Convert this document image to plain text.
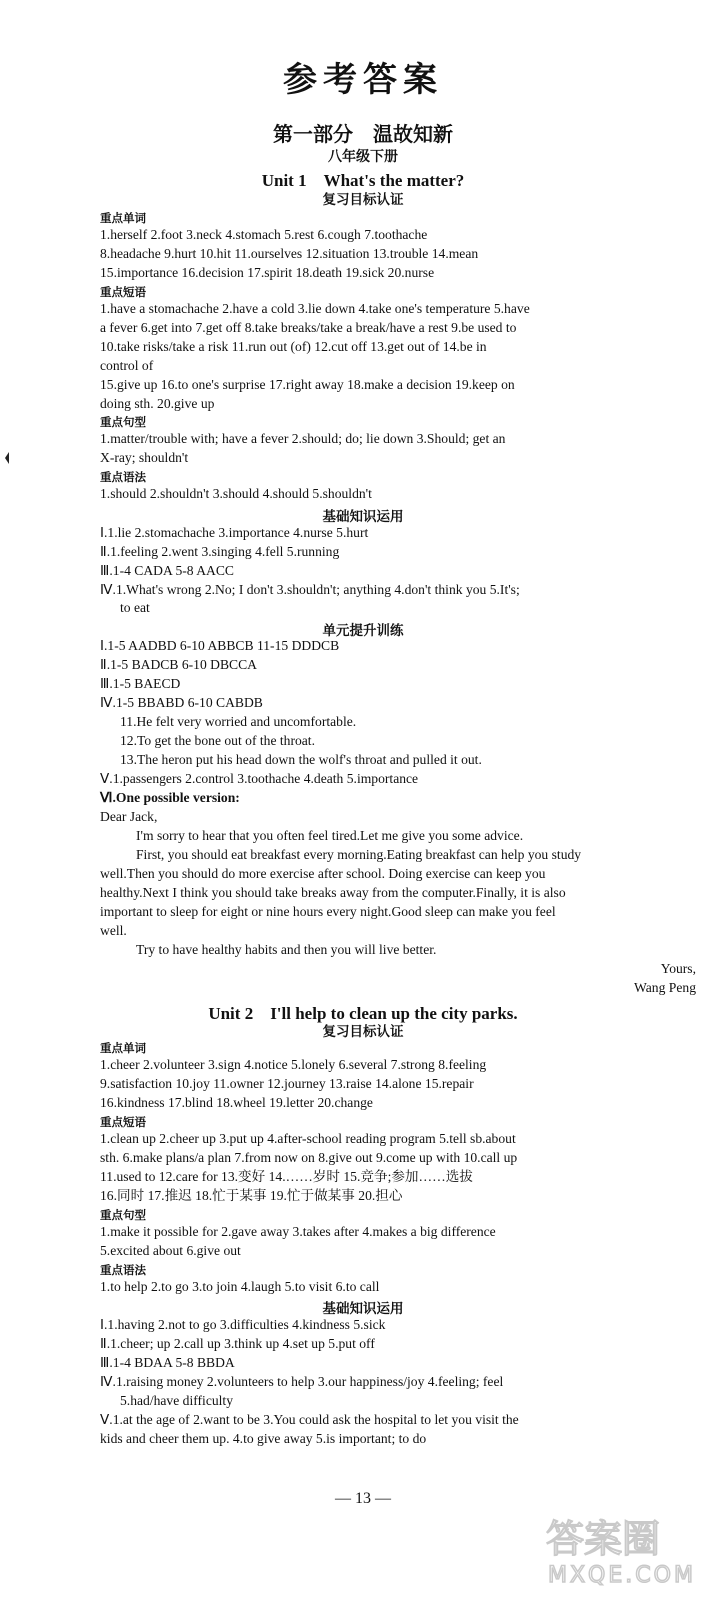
参考答案
第一部分　温故知新
八年级下册
Unit 1　What's the matter?
复习目标认证
重点单词
1.herself 2.foot 3.neck 4.stomach 5.rest 6.cough 7.toothache
8.headache 9.hurt 10.hit 11.ourselves 12.situation 13.trouble 14.mean
15.importance 16.decision 17.spirit 18.death 19.sick 20.nurse
重点短语
1.have a stomachache 2.have a cold 3.lie down 4.take one's temperature 5.have
a fever 6.get into 7.get off 8.take breaks/take a break/have a rest 9.be used to
10.take risks/take a risk 11.run out (of) 12.cut off 13.get out of 14.be in
control of
15.give up 16.to one's surprise 17.right away 18.make a decision 19.keep on
doing sth. 20.give up
重点句型
1.matter/trouble with; have a fever 2.should; do; lie down 3.Should; get an
X-ray; shouldn't
重点语法
1.should 2.shouldn't 3.should 4.should 5.shouldn't
基础知识运用
Ⅰ.1.lie 2.stomachache 3.importance 4.nurse 5.hurt
Ⅱ.1.feeling 2.went 3.singing 4.fell 5.running
Ⅲ.1-4 CADA 5-8 AACC
Ⅳ.1.What's wrong 2.No; I don't 3.shouldn't; anything 4.don't think you 5.It's;
to eat
单元提升训练
Ⅰ.1-5 AADBD 6-10 ABBCB 11-15 DDDCB
Ⅱ.1-5 BADCB 6-10 DBCCA
Ⅲ.1-5 BAECD
Ⅳ.1-5 BBABD 6-10 CABDB
11.He felt very worried and uncomfortable.
12.To get the bone out of the throat.
13.The heron put his head down the wolf's throat and pulled it out.
Ⅴ.1.passengers 2.control 3.toothache 4.death 5.importance
Ⅵ.One possible version:
Dear Jack,
I'm sorry to hear that you often feel tired.Let me give you some advice.
First, you should eat breakfast every morning.Eating breakfast can help you study
well.Then you should do more exercise after school. Doing exercise can keep you
healthy.Next I think you should take breaks away from the computer.Finally, it is also
important to sleep for eight or nine hours every night.Good sleep can make you feel
well.
Try to have healthy habits and then you will live better.
Yours,
Wang Peng
Unit 2　I'll help to clean up the city parks.
复习目标认证
重点单词
1.cheer 2.volunteer 3.sign 4.notice 5.lonely 6.several 7.strong 8.feeling
9.satisfaction 10.joy 11.owner 12.journey 13.raise 14.alone 15.repair
16.kindness 17.blind 18.wheel 19.letter 20.change
重点短语
1.clean up 2.cheer up 3.put up 4.after-school reading program 5.tell sb.about
sth. 6.make plans/a plan 7.from now on 8.give out 9.come up with 10.call up
11.used to 12.care for 13.变好 14.……岁时 15.竞争;参加……选拔
16.同时 17.推迟 18.忙于某事 19.忙于做某事 20.担心
重点句型
1.make it possible for 2.gave away 3.takes after 4.makes a big difference
5.excited about 6.give out
重点语法
1.to help 2.to go 3.to join 4.laugh 5.to visit 6.to call
基础知识运用
Ⅰ.1.having 2.not to go 3.difficulties 4.kindness 5.sick
Ⅱ.1.cheer; up 2.call up 3.think up 4.set up 5.put off
Ⅲ.1-4 BDAA 5-8 BBDA
Ⅳ.1.raising money 2.volunteers to help 3.our happiness/joy 4.feeling; feel
5.had/have difficulty
Ⅴ.1.at the age of 2.want to be 3.You could ask the hospital to let you visit the
kids and cheer them up. 4.to give away 5.is important; to do
— 13 —
答案圈
MXQE.COM
